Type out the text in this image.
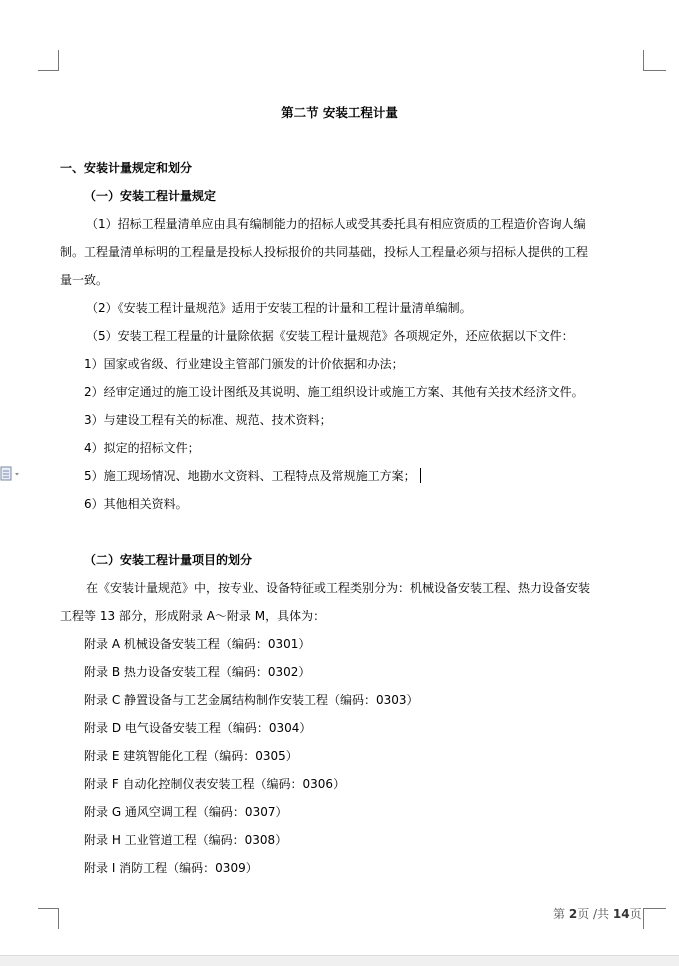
第二节 安装工程计量
一、安装计量规定和划分
（一）安装工程计量规定
（1）招标工程量清单应由具有编制能力的招标人或受其委托具有相应资质的工程造价咨询人编
制。工程量清单标明的工程量是投标人投标报价的共同基础，投标人工程量必须与招标人提供的工程
量一致。
（2）《安装工程计量规范》适用于安装工程的计量和工程计量清单编制。
（5）安装工程工程量的计量除依据《安装工程计量规范》各项规定外，还应依据以下文件：
1）国家或省级、行业建设主管部门颁发的计价依据和办法；
2）经审定通过的施工设计图纸及其说明、施工组织设计或施工方案、其他有关技术经济文件。
3）与建设工程有关的标准、规范、技术资料；
4）拟定的招标文件；
5）施工现场情况、地勘水文资料、工程特点及常规施工方案；
6）其他相关资料。
（二）安装工程计量项目的划分
在《安装计量规范》中，按专业、设备特征或工程类别分为：机械设备安装工程、热力设备安装
工程等 13 部分，形成附录 A～附录 M，具体为：
附录 A 机械设备安装工程（编码：0301）
附录 B 热力设备安装工程（编码：0302）
附录 C 静置设备与工艺金属结构制作安装工程（编码：0303）
附录 D 电气设备安装工程（编码：0304）
附录 E 建筑智能化工程（编码：0305）
附录 F 自动化控制仪表安装工程（编码：0306）
附录 G 通风空调工程（编码：0307）
附录 H 工业管道工程（编码：0308）
附录 I 消防工程（编码：0309）
第 2页 /共 14页
